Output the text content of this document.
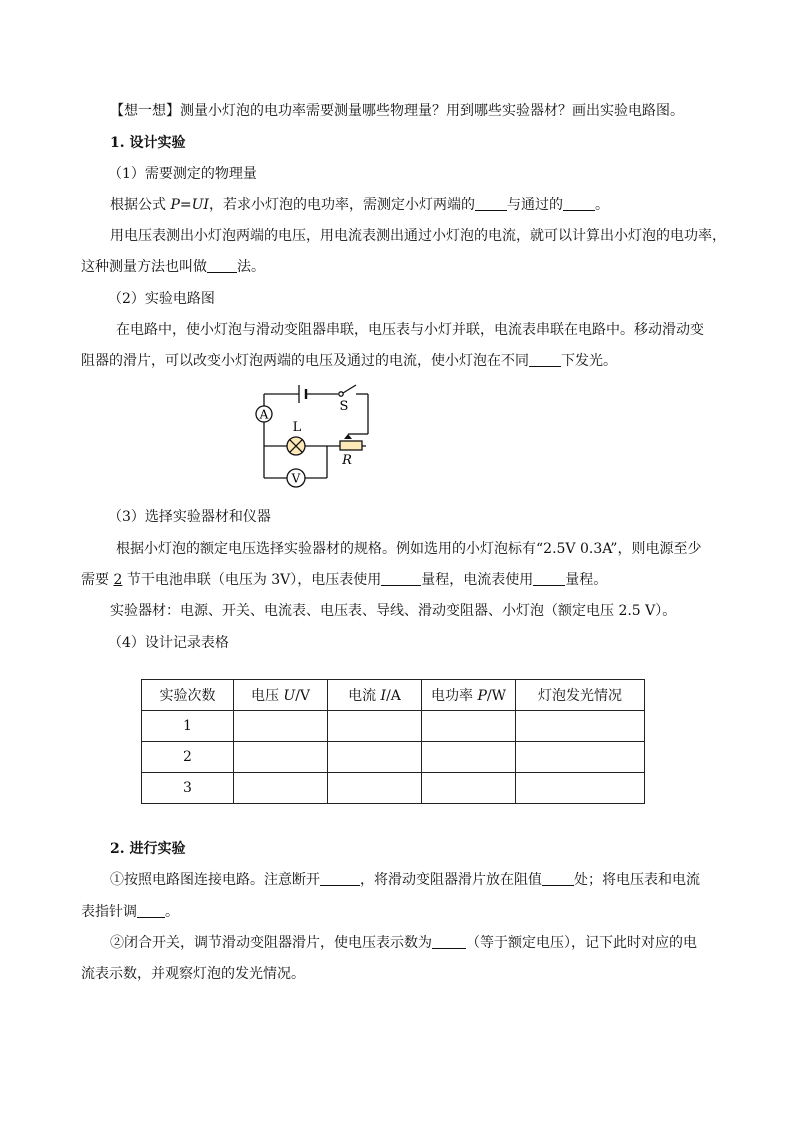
【想一想】测量小灯泡的电功率需要测量哪些物理量？用到哪些实验器材？画出实验电路图。
1. 设计实验
（1）需要测定的物理量
根据公式 P=UI，若求小灯泡的电功率，需测定小灯两端的 与通过的 。
用电压表测出小灯泡两端的电压，用电流表测出通过小灯泡的电流，就可以计算出小灯泡的电功率，
这种测量方法也叫做 法。
（2）实验电路图
在电路中，使小灯泡与滑动变阻器串联，电压表与小灯并联，电流表串联在电路中。移动滑动变
阻器的滑片，可以改变小灯泡两端的电压及通过的电流，使小灯泡在不同 下发光。
A
L
S
R
V
（3）选择实验器材和仪器
根据小灯泡的额定电压选择实验器材的规格。例如选用的小灯泡标有“2.5V 0.3A”，则电源至少
需要 2 节干电池串联（电压为 3V），电压表使用	量程，电流表使用 量程。
实验器材：电源、开关、电流表、电压表、导线、滑动变阻器、小灯泡（额定电压 2.5 V）。
（4）设计记录表格
实验次数	电压 U/V	电流 I/A	电功率 P/W	灯泡发光情况
1				
2				
3				
2. 进行实验
①按照电路图连接电路。注意断开	，将滑动变阻器滑片放在阻值 处；将电压表和电流
表指针调 。
②闭合开关，调节滑动变阻器滑片，使电压表示数为 （等于额定电压），记下此时对应的电
流表示数，并观察灯泡的发光情况。
